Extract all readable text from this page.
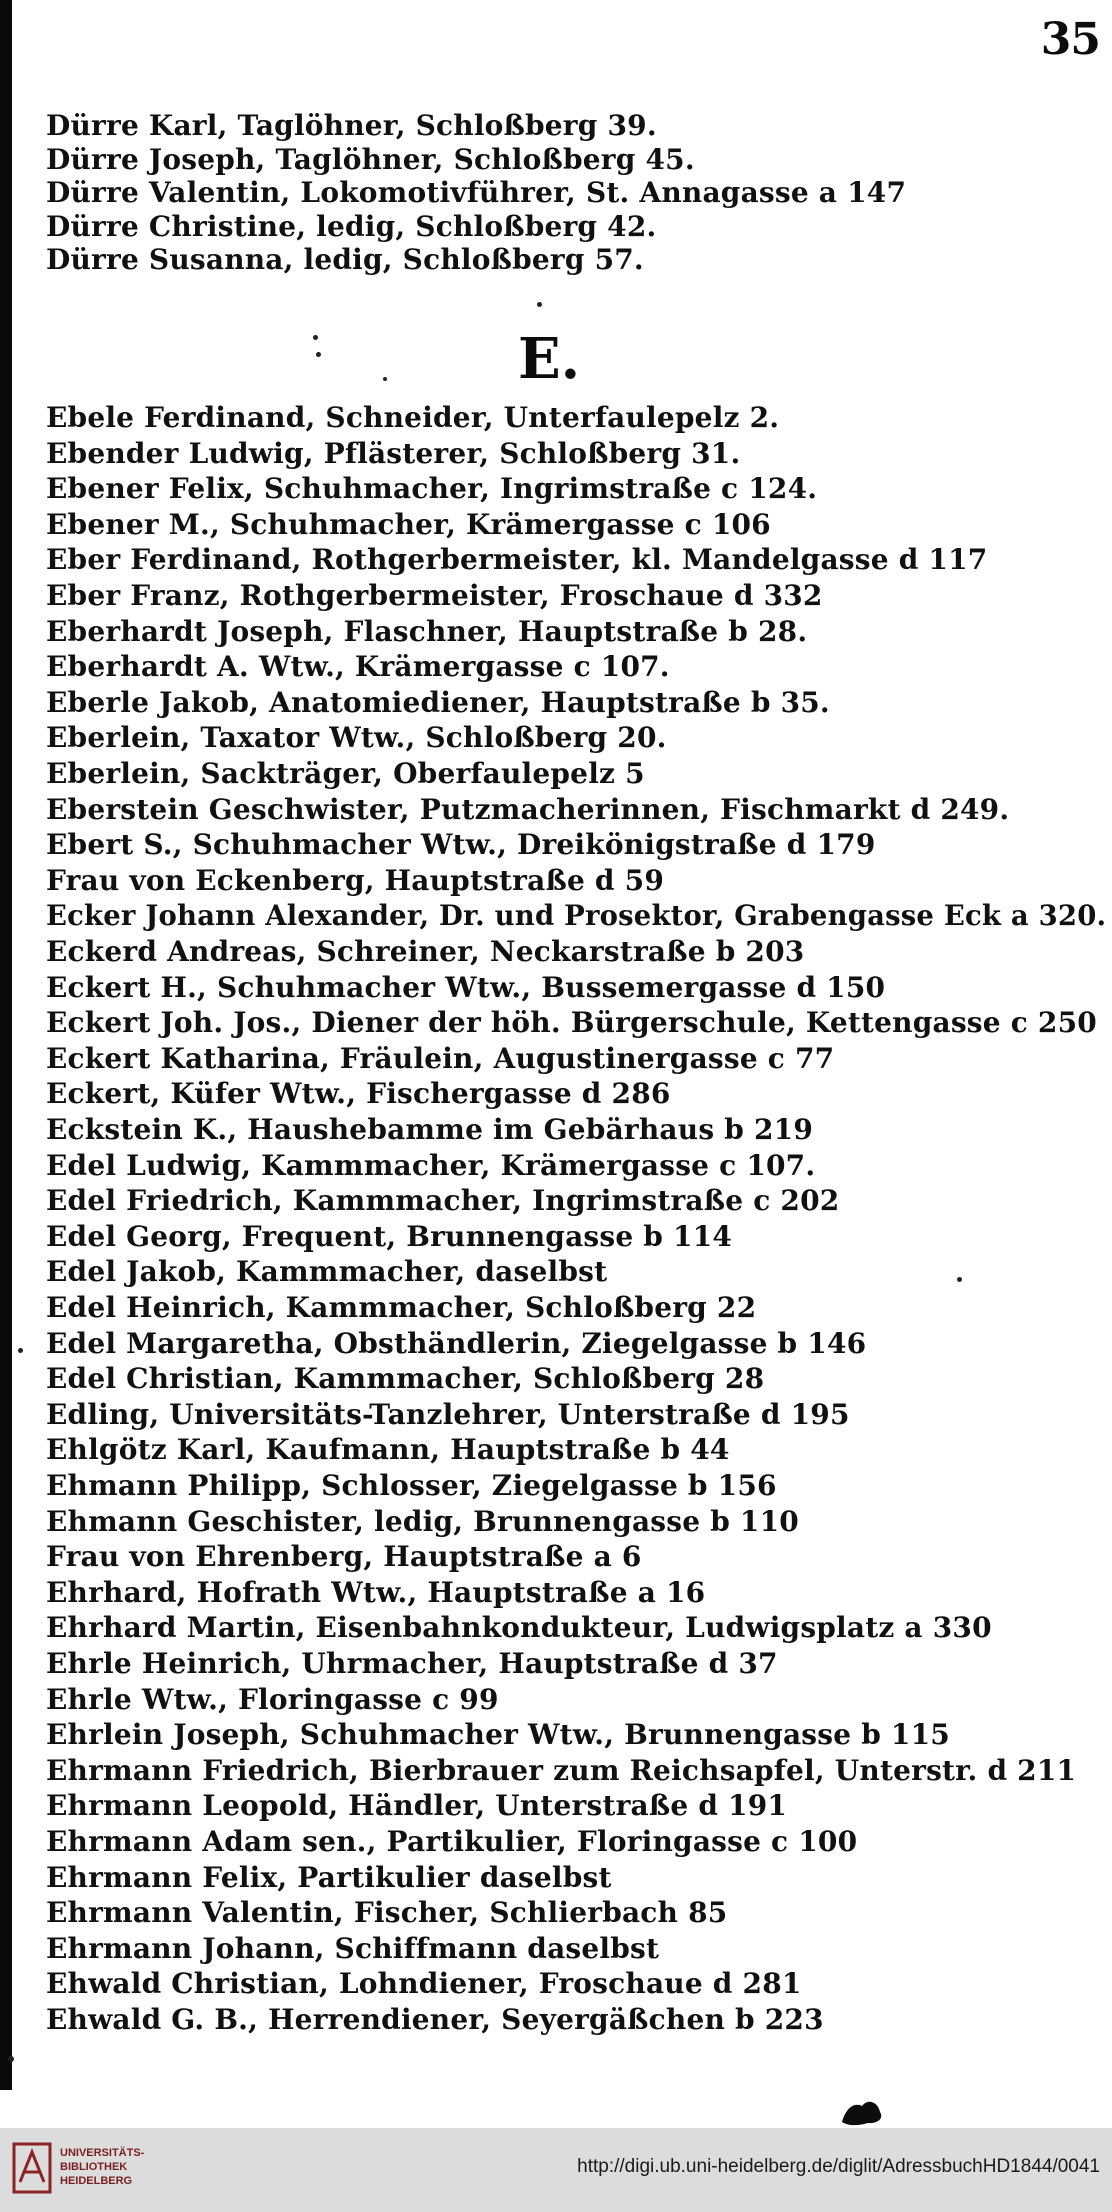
35
Dürre Karl, Taglöhner, Schloßberg 39.
Dürre Joseph, Taglöhner, Schloßberg 45.
Dürre Valentin, Lokomotivführer, St. Annagasse a 147
Dürre Christine, ledig, Schloßberg 42.
Dürre Susanna, ledig, Schloßberg 57.
Ebele Ferdinand, Schneider, Unterfaulepelz 2.
Ebender Ludwig, Pflästerer, Schloßberg 31.
Ebener Felix, Schuhmacher, Ingrimstraße c 124.
Ebener M., Schuhmacher, Krämergasse c 106
Eber Ferdinand, Rothgerbermeister, kl. Mandelgasse d 117
Eber Franz, Rothgerbermeister, Froschaue d 332
Eberhardt Joseph, Flaschner, Hauptstraße b 28.
Eberhardt A. Wtw., Krämergasse c 107.
Eberle Jakob, Anatomiediener, Hauptstraße b 35.
Eberlein, Taxator Wtw., Schloßberg 20.
Eberlein, Sackträger, Oberfaulepelz 5
Eberstein Geschwister, Putzmacherinnen, Fischmarkt d 249.
Ebert S., Schuhmacher Wtw., Dreikönigstraße d 179
Frau von Eckenberg, Hauptstraße d 59
Ecker Johann Alexander, Dr. und Prosektor, Grabengasse Eck a 320.
Eckerd Andreas, Schreiner, Neckarstraße b 203
Eckert H., Schuhmacher Wtw., Bussemergasse d 150
Eckert Joh. Jos., Diener der höh. Bürgerschule, Kettengasse c 250
Eckert Katharina, Fräulein, Augustinergasse c 77
Eckert, Küfer Wtw., Fischergasse d 286
Eckstein K., Haushebamme im Gebärhaus b 219
Edel Ludwig, Kammmacher, Krämergasse c 107.
Edel Friedrich, Kammmacher, Ingrimstraße c 202
Edel Georg, Frequent, Brunnengasse b 114
Edel Jakob, Kammmacher, daselbst
Edel Heinrich, Kammmacher, Schloßberg 22
Edel Margaretha, Obsthändlerin, Ziegelgasse b 146
Edel Christian, Kammmacher, Schloßberg 28
Edling, Universitäts-Tanzlehrer, Unterstraße d 195
Ehlgötz Karl, Kaufmann, Hauptstraße b 44
Ehmann Philipp, Schlosser, Ziegelgasse b 156
Ehmann Geschister, ledig, Brunnengasse b 110
Frau von Ehrenberg, Hauptstraße a 6
Ehrhard, Hofrath Wtw., Hauptstraße a 16
Ehrhard Martin, Eisenbahnkondukteur, Ludwigsplatz a 330
Ehrle Heinrich, Uhrmacher, Hauptstraße d 37
Ehrle Wtw., Floringasse c 99
Ehrlein Joseph, Schuhmacher Wtw., Brunnengasse b 115
Ehrmann Friedrich, Bierbrauer zum Reichsapfel, Unterstr. d 211
Ehrmann Leopold, Händler, Unterstraße d 191
Ehrmann Adam sen., Partikulier, Floringasse c 100
Ehrmann Felix, Partikulier daselbst
Ehrmann Valentin, Fischer, Schlierbach 85
Ehrmann Johann, Schiffmann daselbst
Ehwald Christian, Lohndiener, Froschaue d 281
Ehwald G. B., Herrendiener, Seyergäßchen b 223
E.
UNIVERSITÄTS-
BIBLIOTHEK
HEIDELBERG
http://digi.ub.uni-heidelberg.de/diglit/AdressbuchHD1844/0041
